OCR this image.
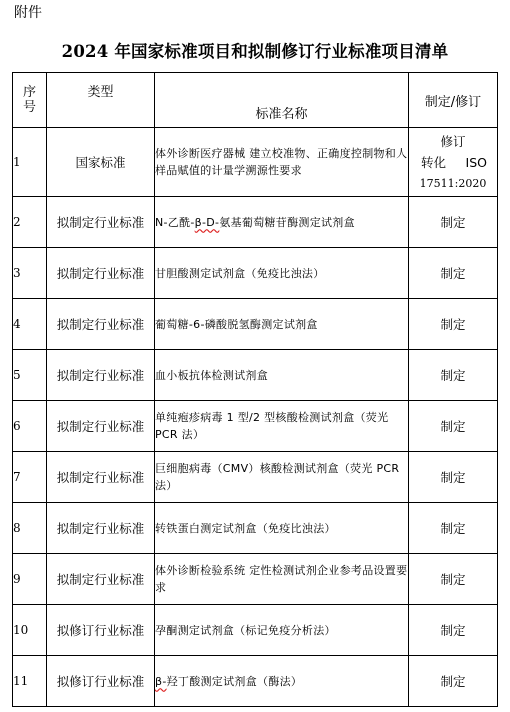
附件
2024 年国家标准项目和拟制修订行业标准项目清单
序
号	类型	标准名称	制定/修订
1	国家标准	体外诊断医疗器械 建立校准物、正确度控制物和人样品赋值的计量学溯源性要求	修订
转化 ISO
17511:2020

2	拟制定行业标准	N-乙酰-β-D-氨基葡萄糖苷酶测定试剂盒	制定
3	拟制定行业标准	甘胆酸测定试剂盒（免疫比浊法）	制定
4	拟制定行业标准	葡萄糖-6-磷酸脱氢酶测定试剂盒	制定
5	拟制定行业标准	血小板抗体检测试剂盒	制定
6	拟制定行业标准	单纯疱疹病毒 1 型/2 型核酸检测试剂盒（荧光 PCR 法）	制定
7	拟制定行业标准	巨细胞病毒（CMV）核酸检测试剂盒（荧光 PCR 法）	制定
8	拟制定行业标准	转铁蛋白测定试剂盒（免疫比浊法）	制定
9	拟制定行业标准	体外诊断检验系统 定性检测试剂企业参考品设置要求	制定
10	拟修订行业标准	孕酮测定试剂盒（标记免疫分析法）	制定
11	拟修订行业标准	β-羟丁酸测定试剂盒（酶法）	制定
